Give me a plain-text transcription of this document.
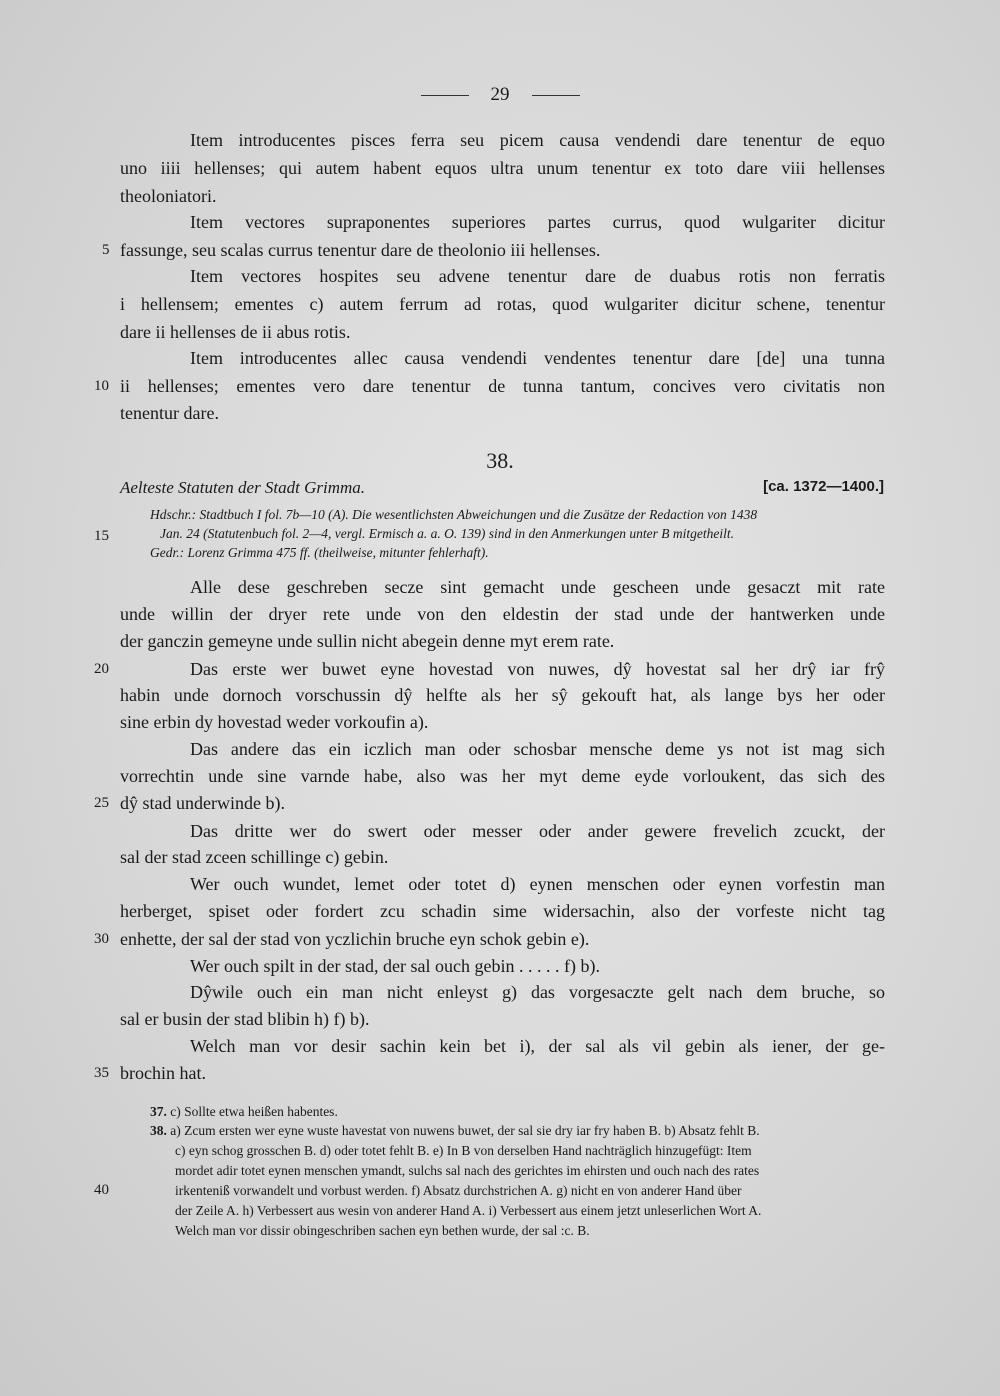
29
Item introducentes pisces ferra seu picem causa vendendi dare tenentur de equo
uno iiii hellenses; qui autem habent equos ultra unum tenentur ex toto dare viii hellenses
theoloniatori.
Item vectores supraponentes superiores partes currus, quod wulgariter dicitur
fassunge, seu scalas currus tenentur dare de theolonio iii hellenses.
Item vectores hospites seu advene tenentur dare de duabus rotis non ferratis
i hellensem; ementes c) autem ferrum ad rotas, quod wulgariter dicitur schene, tenentur
dare ii hellenses de ii abus rotis.
Item introducentes allec causa vendendi vendentes tenentur dare [de] una tunna
ii hellenses; ementes vero dare tenentur de tunna tantum, concives vero civitatis non
tenentur dare.
38.
Aelteste Statuten der Stadt Grimma.	[ca. 1372—1400.]
Hdschr.: Stadtbuch I fol. 7b—10 (A). Die wesentlichsten Abweichungen und die Zusätze der Redaction von 1438
Jan. 24 (Statutenbuch fol. 2—4, vergl. Ermisch a. a. O. 139) sind in den Anmerkungen unter B mitgetheilt.
Gedr.: Lorenz Grimma 475 ff. (theilweise, mitunter fehlerhaft).
Alle dese geschreben secze sint gemacht unde gescheen unde gesaczt mit rate
unde willin der dryer rete unde von den eldestin der stad unde der hantwerken unde
der ganczin gemeyne unde sullin nicht abegein denne myt erem rate.
Das erste wer buwet eyne hovestad von nuwes, dŷ hovestat sal her drŷ iar frŷ
habin unde dornoch vorschussin dŷ helfte als her sŷ gekouft hat, als lange bys her oder
sine erbin dy hovestad weder vorkoufin a).
Das andere das ein iczlich man oder schosbar mensche deme ys not ist mag sich
vorrechtin unde sine varnde habe, also was her myt deme eyde vorloukent, das sich des
dŷ stad underwinde b).
Das dritte wer do swert oder messer oder ander gewere frevelich zcuckt, der
sal der stad zceen schillinge c) gebin.
Wer ouch wundet, lemet oder totet d) eynen menschen oder eynen vorfestin man
herberget, spiset oder fordert zcu schadin sime widersachin, also der vorfeste nicht tag
enhette, der sal der stad von yczlichin bruche eyn schok gebin e).
Wer ouch spilt in der stad, der sal ouch gebin . . . . . f) b).
Dŷwile ouch ein man nicht enleyst g) das vorgesaczte gelt nach dem bruche, so
sal er busin der stad blibin h) f) b).
Welch man vor desir sachin kein bet i), der sal als vil gebin als iener, der ge-
brochin hat.
5
10
15
20
25
30
35
40
37. c) Sollte etwa heißen habentes.
38. a) Zcum ersten wer eyne wuste havestat von nuwens buwet, der sal sie dry iar fry haben B. b) Absatz fehlt B.
c) eyn schog grosschen B. d) oder totet fehlt B. e) In B von derselben Hand nachträglich hinzugefügt: Item
mordet adir totet eynen menschen ymandt, sulchs sal nach des gerichtes im ehirsten und ouch nach des rates
irkenteniß vorwandelt und vorbust werden. f) Absatz durchstrichen A. g) nicht en von anderer Hand über
der Zeile A. h) Verbessert aus wesin von anderer Hand A. i) Verbessert aus einem jetzt unleserlichen Wort A.
Welch man vor dissir obingeschriben sachen eyn bethen wurde, der sal :c. B.
